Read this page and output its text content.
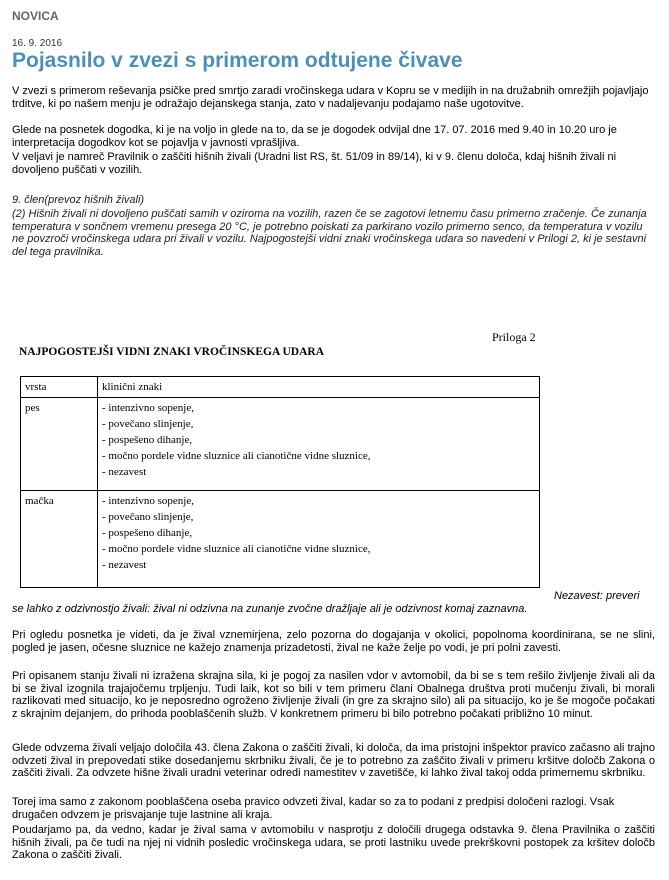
NOVICA
16. 9. 2016
Pojasnilo v zvezi s primerom odtujene čivave

V zvezi s primerom reševanja psičke pred smrtjo zaradi vročinskega udara v Kopru se v medijih in na družabnih omrežjih pojavljajo trditve, ki po našem menju je odražajo dejanskega stanja, zato v nadaljevanju podajamo naše ugotovitve.

Glede na posnetek dogodka, ki je na voljo in glede na to, da se je dogodek odvijal dne 17. 07. 2016 med 9.40 in 10.20 uro je interpretacija dogodkov kot se pojavlja v javnosti vprašljiva.

V veljavi je namreč Pravilnik o zaščiti hišnih živali (Uradni list RS, št. 51/09 in 89/14), ki v 9. členu določa, kdaj hišnih živali ni dovoljeno puščati v vozilih.

9. člen(prevoz hišnih živali)

(2) Hišnih živali ni dovoljeno puščati samih v oziroma na vozilih, razen če se zagotovi letnemu času primerno zračenje. Če zunanja temperatura v sončnem vremenu presega 20 °C, je potrebno poiskati za parkirano vozilo primerno senco, da temperatura v vozilu ne povzroči vročinskega udara pri živali v vozilu. Najpogostejši vidni znaki vročinskega udara so navedeni v Prilogi 2, ki je sestavni del tega pravilnika.

Priloga 2
NAJPOGOSTEJŠI VIDNI ZNAKI VROČINSKEGA UDARA
vrsta	klinični znaki
pes	- intenzivno sopenje,
- povečano slinjenje,
- pospešeno dihanje,
- močno pordele vidne sluznice ali cianotične vidne sluznice,
- nezavest

mačka	- intenzivno sopenje,
- povečano slinjenje,
- pospešeno dihanje,
- močno pordele vidne sluznice ali cianotične vidne sluznice,
- nezavest
Nezavest: preveri
se lahko z odzivnostjo živali: žival ni odzivna na zunanje zvočne dražljaje ali je odzivnost komaj zaznavna.

Pri ogledu posnetka je videti, da je žival vznemirjena, zelo pozorna do dogajanja v okolici, popolnoma koordinirana, se ne slini, pogled je jasen, očesne sluznice ne kažejo znamenja prizadetosti, žival ne kaže želje po vodi, je pri polni zavesti.

Pri opisanem stanju živali ni izražena skrajna sila, ki je pogoj za nasilen vdor v avtomobil, da bi se s tem rešilo življenje živali ali da bi se žival izognila trajajočemu trpljenju. Tudi laik, kot so bili v tem primeru člani Obalnega društva proti mučenju živali, bi morali razlikovati med situacijo, ko je neposredno ogroženo življenje živali (in gre za skrajno silo) ali pa situacijo, ko je še mogoče počakati z skrajnim dejanjem, do prihoda pooblaščenih služb. V konkretnem primeru bi bilo potrebno počakati približno 10 minut.

Glede odvzema živali veljajo določila 43. člena Zakona o zaščiti živali, ki določa, da ima pristojni inšpektor pravico začasno ali trajno odvzeti žival in prepovedati stike dosedanjemu skrbniku živali, če je to potrebno za zaščito živali v primeru kršitve določb Zakona o zaščiti živali. Za odvzete hišne živali uradni veterinar odredi namestitev v zavetišče, ki lahko žival takoj odda primernemu skrbniku.

Torej ima samo z zakonom pooblaščena oseba pravico odvzeti žival, kadar so za to podani z predpisi določeni razlogi. Vsak drugačen odvzem je prisvajanje tuje lastnine ali kraja.

Poudarjamo pa, da vedno, kadar je žival sama v avtomobilu v nasprotju z določili drugega odstavka 9. člena Pravilnika o zaščiti hišnih živali, pa če tudi na njej ni vidnih posledic vročinskega udara, se proti lastniku uvede prekrškovni postopek za kršitev določb Zakona o zaščiti živali.
